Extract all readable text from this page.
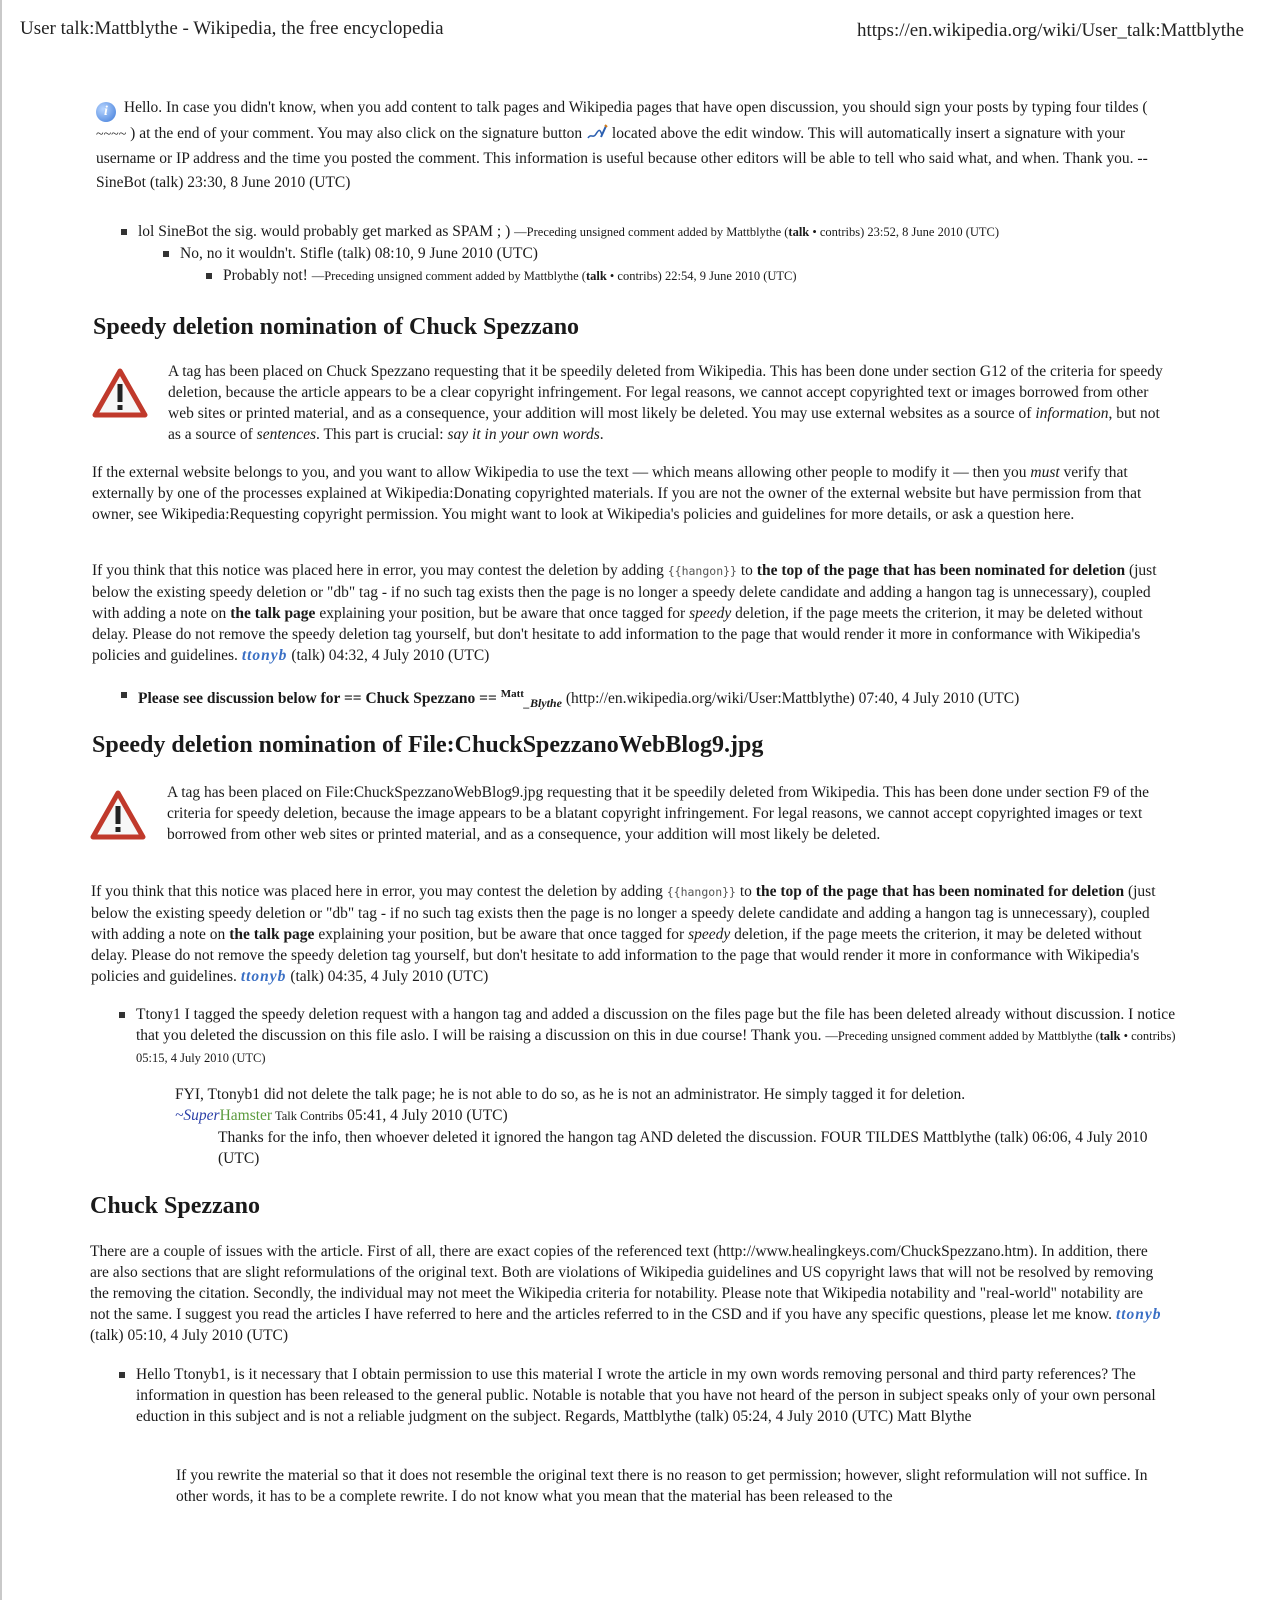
User talk:Mattblythe - Wikipedia, the free encyclopedia	https://en.wikipedia.org/wiki/User_talk:Mattblythe
i Hello. In case you didn't know, when you add content to talk pages and Wikipedia pages that have open discussion, you should sign your posts by typing four tildes ( ~~~~ ) at the end of your comment. You may also click on the signature button  located above the edit window. This will automatically insert a signature with your username or IP address and the time you posted the comment. This information is useful because other editors will be able to tell who said what, and when. Thank you. --SineBot (talk) 23:30, 8 June 2010 (UTC)
lol SineBot the sig. would probably get marked as SPAM ; ) —Preceding unsigned comment added by Mattblythe (talk • contribs) 23:52, 8 June 2010 (UTC)
No, no it wouldn't. Stifle (talk) 08:10, 9 June 2010 (UTC)
Probably not! —Preceding unsigned comment added by Mattblythe (talk • contribs) 22:54, 9 June 2010 (UTC)
Speedy deletion nomination of Chuck Spezzano
A tag has been placed on Chuck Spezzano requesting that it be speedily deleted from Wikipedia. This has been done under section G12 of the criteria for speedy deletion, because the article appears to be a clear copyright infringement. For legal reasons, we cannot accept copyrighted text or images borrowed from other web sites or printed material, and as a consequence, your addition will most likely be deleted. You may use external websites as a source of information, but not as a source of sentences. This part is crucial: say it in your own words.
If the external website belongs to you, and you want to allow Wikipedia to use the text — which means allowing other people to modify it — then you must verify that externally by one of the processes explained at Wikipedia:Donating copyrighted materials. If you are not the owner of the external website but have permission from that owner, see Wikipedia:Requesting copyright permission. You might want to look at Wikipedia's policies and guidelines for more details, or ask a question here.
If you think that this notice was placed here in error, you may contest the deletion by adding {{hangon}} to the top of the page that has been nominated for deletion (just below the existing speedy deletion or "db" tag - if no such tag exists then the page is no longer a speedy delete candidate and adding a hangon tag is unnecessary), coupled with adding a note on the talk page explaining your position, but be aware that once tagged for speedy deletion, if the page meets the criterion, it may be deleted without delay. Please do not remove the speedy deletion tag yourself, but don't hesitate to add information to the page that would render it more in conformance with Wikipedia's policies and guidelines. ttonyb (talk) 04:32, 4 July 2010 (UTC)
Please see discussion below for == Chuck Spezzano == $^{Matt}_{\_Blythe}$ (http://en.wikipedia.org/wiki/User:Mattblythe) 07:40, 4 July 2010 (UTC)
Speedy deletion nomination of File:ChuckSpezzanoWebBlog9.jpg
A tag has been placed on File:ChuckSpezzanoWebBlog9.jpg requesting that it be speedily deleted from Wikipedia. This has been done under section F9 of the criteria for speedy deletion, because the image appears to be a blatant copyright infringement. For legal reasons, we cannot accept copyrighted images or text borrowed from other web sites or printed material, and as a consequence, your addition will most likely be deleted.
If you think that this notice was placed here in error, you may contest the deletion by adding {{hangon}} to the top of the page that has been nominated for deletion (just below the existing speedy deletion or "db" tag - if no such tag exists then the page is no longer a speedy delete candidate and adding a hangon tag is unnecessary), coupled with adding a note on the talk page explaining your position, but be aware that once tagged for speedy deletion, if the page meets the criterion, it may be deleted without delay. Please do not remove the speedy deletion tag yourself, but don't hesitate to add information to the page that would render it more in conformance with Wikipedia's policies and guidelines. ttonyb (talk) 04:35, 4 July 2010 (UTC)
Ttony1 I tagged the speedy deletion request with a hangon tag and added a discussion on the files page but the file has been deleted already without discussion. I notice that you deleted the discussion on this file aslo. I will be raising a discussion on this in due course! Thank you. —Preceding unsigned comment added by Mattblythe (talk • contribs) 05:15, 4 July 2010 (UTC)
FYI, Ttonyb1 did not delete the talk page; he is not able to do so, as he is not an administrator. He simply tagged it for deletion.
~SuperHamster Talk Contribs 05:41, 4 July 2010 (UTC)
Thanks for the info, then whoever deleted it ignored the hangon tag AND deleted the discussion. FOUR TILDES Mattblythe (talk) 06:06, 4 July 2010 (UTC)
Chuck Spezzano
There are a couple of issues with the article. First of all, there are exact copies of the referenced text (http://www.healingkeys.com/ChuckSpezzano.htm). In addition, there are also sections that are slight reformulations of the original text. Both are violations of Wikipedia guidelines and US copyright laws that will not be resolved by removing the removing the citation. Secondly, the individual may not meet the Wikipedia criteria for notability. Please note that Wikipedia notability and "real-world" notability are not the same. I suggest you read the articles I have referred to here and the articles referred to in the CSD and if you have any specific questions, please let me know. ttonyb (talk) 05:10, 4 July 2010 (UTC)
Hello Ttonyb1, is it necessary that I obtain permission to use this material I wrote the article in my own words removing personal and third party references? The information in question has been released to the general public. Notable is notable that you have not heard of the person in subject speaks only of your own personal eduction in this subject and is not a reliable judgment on the subject. Regards, Mattblythe (talk) 05:24, 4 July 2010 (UTC) Matt Blythe
If you rewrite the material so that it does not resemble the original text there is no reason to get permission; however, slight reformulation will not suffice. In other words, it has to be a complete rewrite. I do not know what you mean that the material has been released to the
